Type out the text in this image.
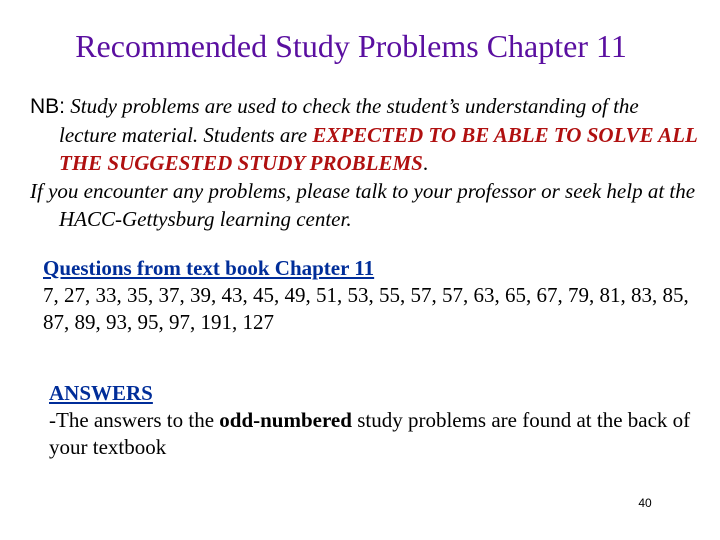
Recommended Study Problems Chapter 11

NB: Study problems are used to check the student’s understanding of the lecture material. Students are EXPECTED TO BE ABLE TO SOLVE ALL THE SUGGESTED STUDY PROBLEMS.

If you encounter any problems, please talk to your professor or seek help at the HACC-Gettysburg learning center.

Questions from text book Chapter 11
7, 27, 33, 35, 37, 39, 43, 45, 49, 51, 53, 55, 57, 57, 63, 65, 67, 79, 81, 83, 85, 87, 89, 93, 95, 97, 191, 127
ANSWERS
-The answers to the odd-numbered study problems are found at the back of your textbook
40
